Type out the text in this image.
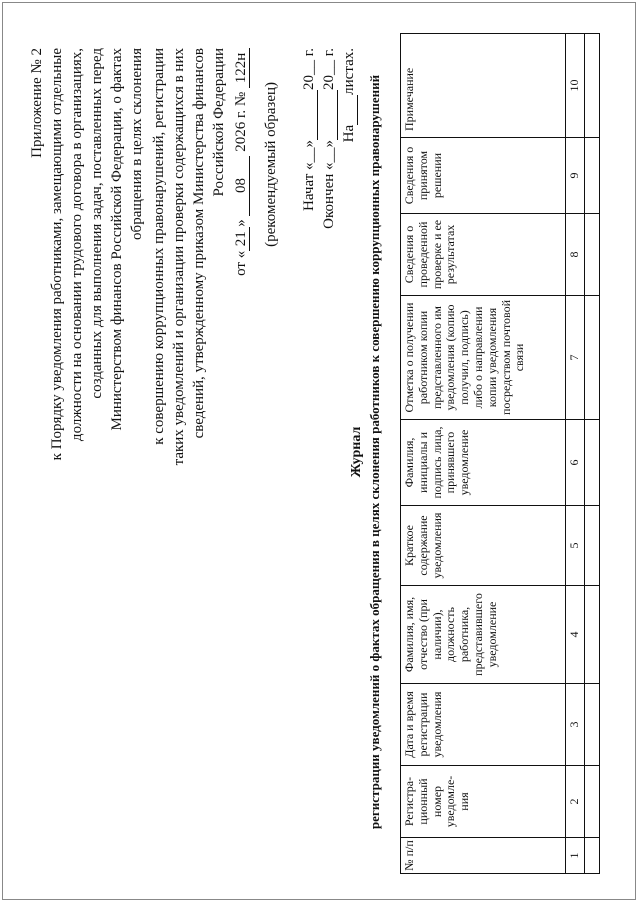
Приложение № 2 к Порядку уведомления работниками, замещающими отдельные должности на основании трудового договора в организациях, созданных для выполнения задач, поставленных перед Министерством финансов Российской Федерации, о фактах обращения в целях склонения к совершению коррупционных правонарушений, регистрации таких уведомлений и организации проверки содержащихся в них сведений, утвержденному приказом Министерства финансов Российской Федерации
от «21» 08 2026 г. № 122н
(рекомендуемый образец) Начат «__» 20__ г.
Окончен «__» 20__ г.
На листах.
Журнал регистрации уведомлений о фактах обращения в целях склонения работников к совершению коррупционных правонарушений
№ п/п	Регистра-ционный номер уведомле-ния	Дата и время регистрации уведомления	Фамилия, имя, отчество (при наличии), должность работника, представившего уведомление	Краткое содержание уведомления	Фамилия, инициалы и подпись лица, принявшего уведомление	Отметка о получении работником копии представленного им уведомления (копию получил, подпись) либо о направлении копии уведомления посредством почтовой связи	Сведения о проведенной проверке и ее результатах	Сведения о принятом решении	Примечание
1	2	3	4	5	6	7	8	9	10
